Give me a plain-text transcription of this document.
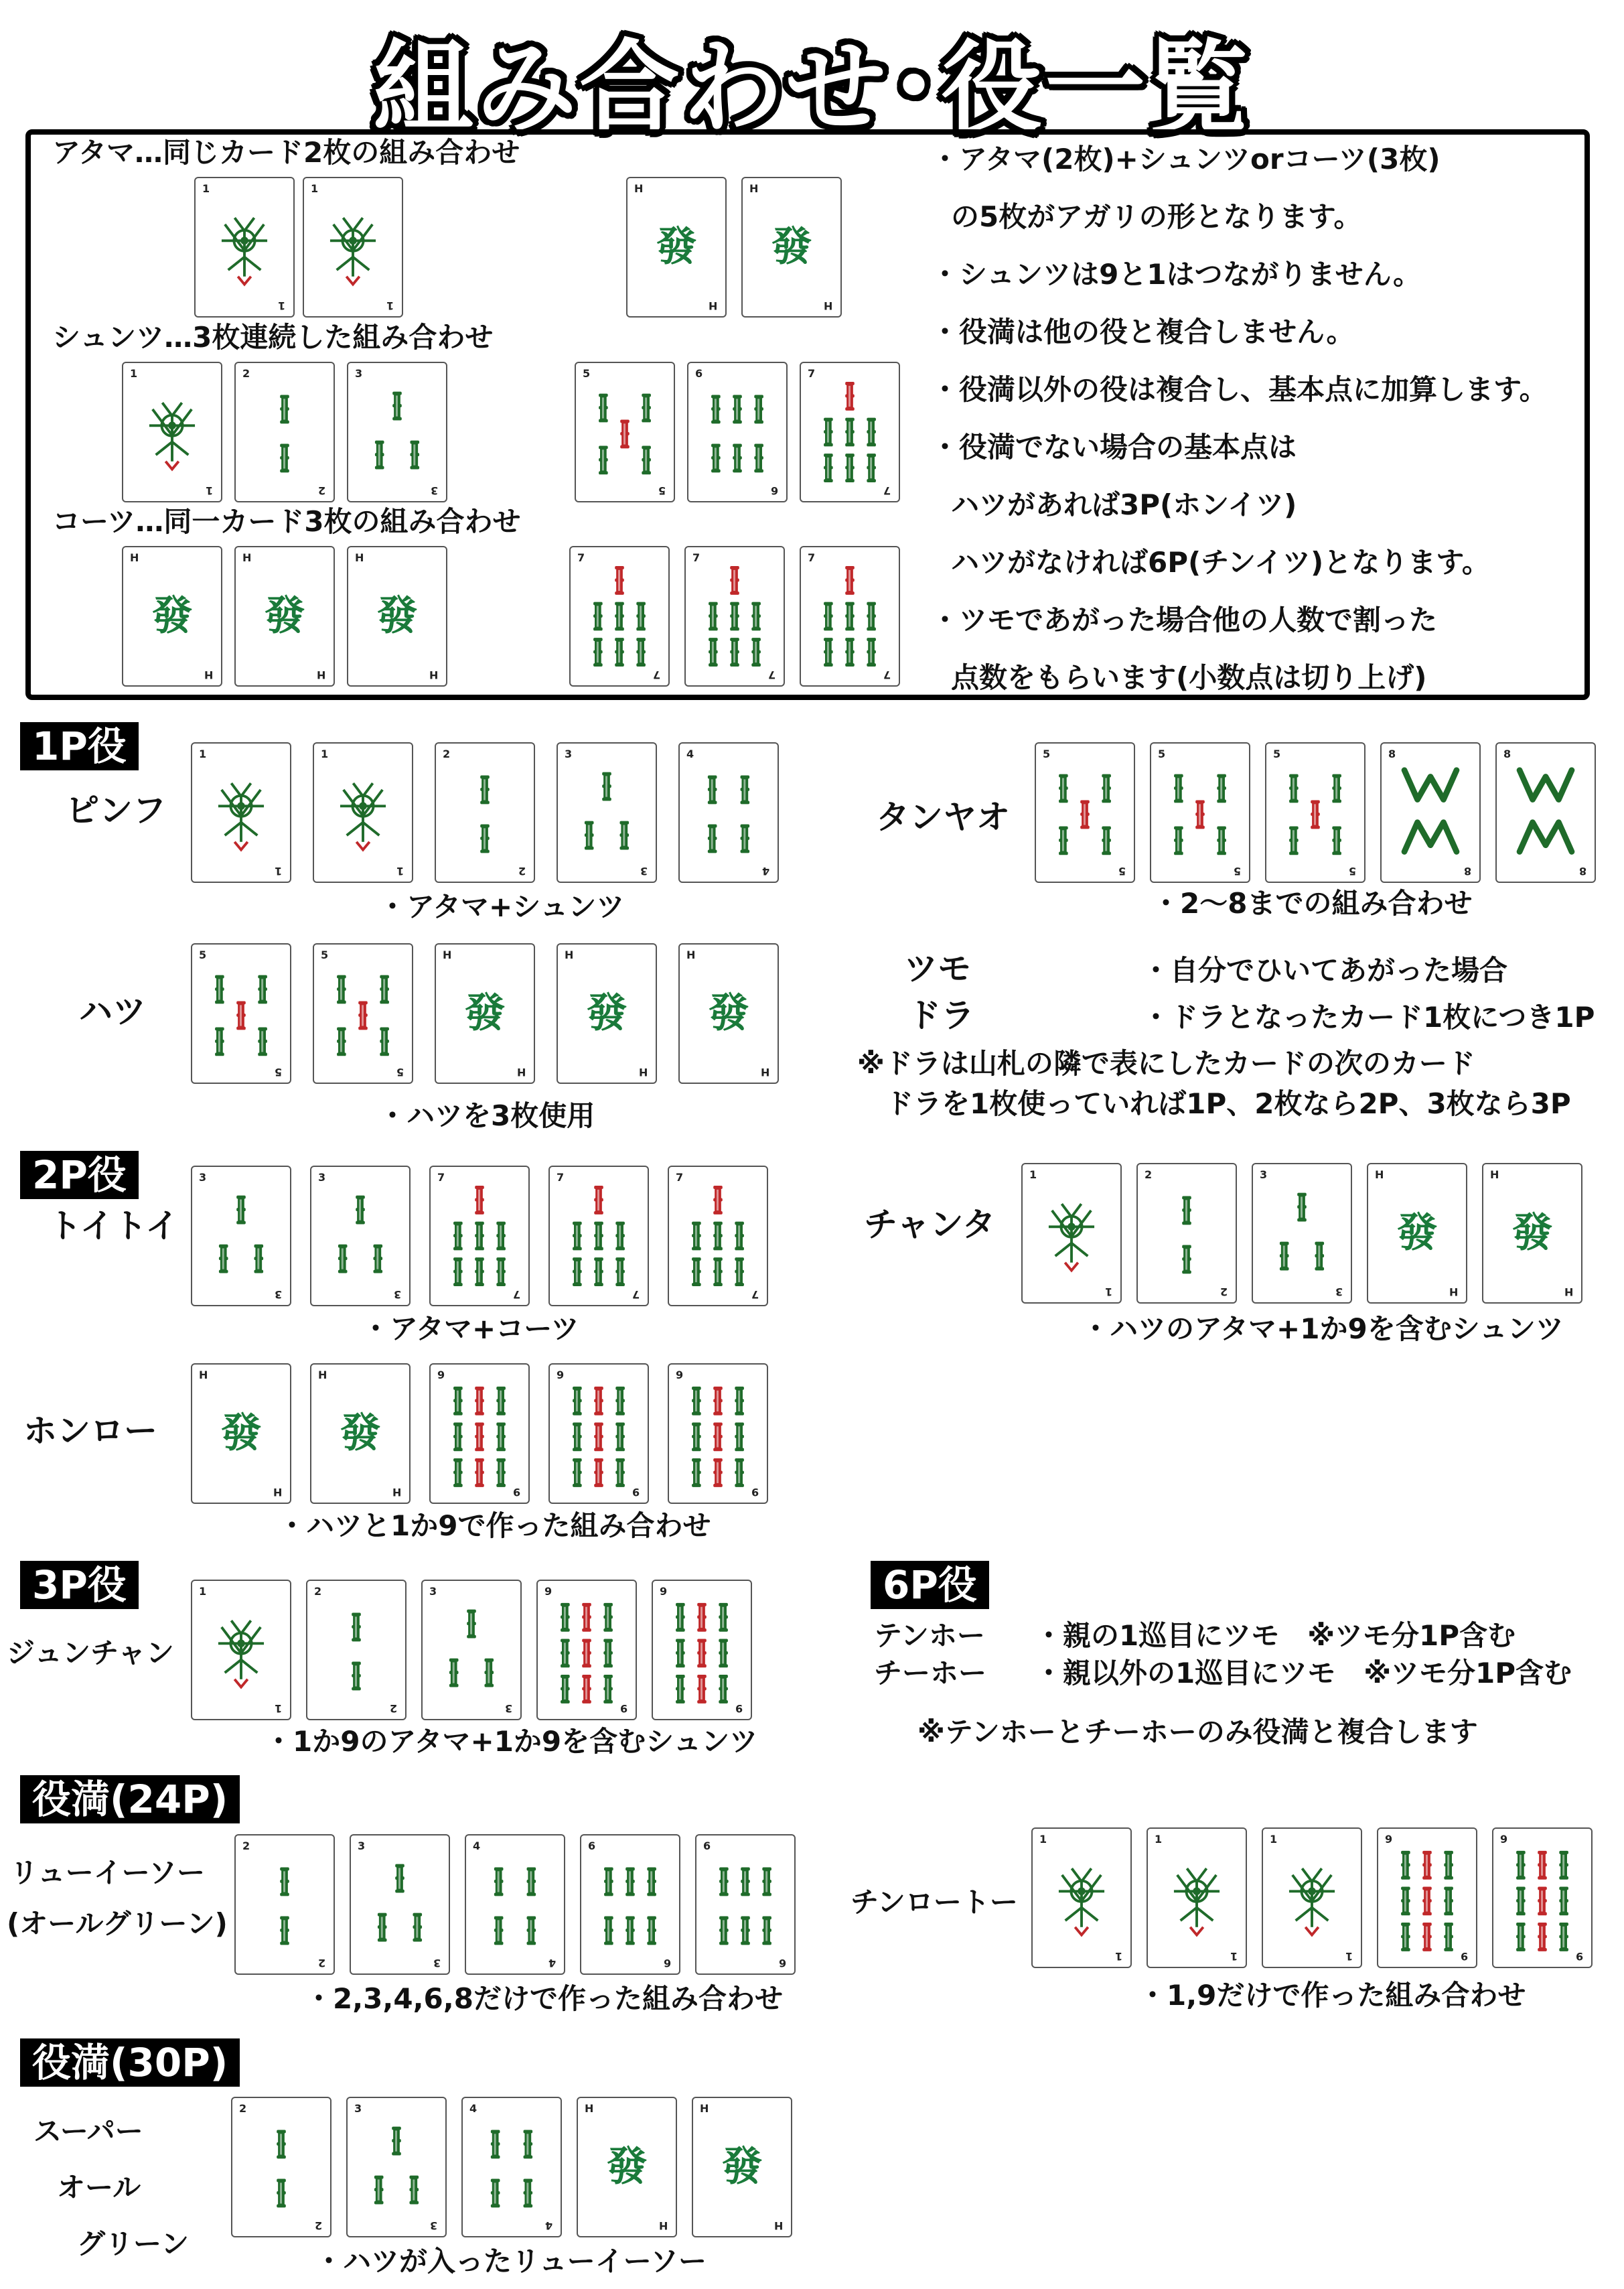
組み合わせ･役一覧
アタマ…同じカード2枚の組み合わせ
シュンツ…3枚連続した組み合わせ
コーツ…同一カード3枚の組み合わせ
・アタマ(2枚)+シュンツorコーツ(3枚)
の5枚がアガリの形となります。
・シュンツは9と1はつながりません。
・役満は他の役と複合しません。
・役満以外の役は複合し、基本点に加算します。
・役満でない場合の基本点は
ハツがあれば3P(ホンイツ)
ハツがなければ6P(チンイツ)となります。
・ツモであがった場合他の人数で割った
点数をもらいます(小数点は切り上げ)
1
1
1
1
發
H
H
發
H
H
1
1
2
2
3
3
5
5
6
6
7
7
發
H
H
發
H
H
發
H
H
7
7
7
7
7
7
1P役
ピンフ
1
1
1
1
2
2
3
3
4
4
・アタマ+シュンツ
タンヤオ
5
5
5
5
5
5
8
8
8
8
・2～8までの組み合わせ
ハツ
5
5
5
5
發
H
H
發
H
H
發
H
H
・ハツを3枚使用
ツモ	・自分でひいてあがった場合
ドラ	・ドラとなったカード1枚につき1P
※ドラは山札の隣で表にしたカードの次のカード
ドラを1枚使っていれば1P、2枚なら2P、3枚なら3P
2P役
トイトイ
3
3
3
3
7
7
7
7
7
7
・アタマ+コーツ
チャンタ
1
1
2
2
3
3
發
H
H
發
H
H
・ハツのアタマ+1か9を含むシュンツ
ホンロー 發
H
H
發
H
H
9
9
9
9
9
9
・ハツと1か9で作った組み合わせ
3P役
ジュンチャン
1
1
2
2
3
3
9
9
9
9
・1か9のアタマ+1か9を含むシュンツ
6P役
テンホー ・親の1巡目にツモ　※ツモ分1P含む
チーホー ・親以外の1巡目にツモ　※ツモ分1P含む
※テンホーとチーホーのみ役満と複合します
役満(24P)
リューイーソー
(オールグリーン)
2
2
3
3
4
4
6
6
6
6
・2,3,4,6,8だけで作った組み合わせ
チンロートー
1
1
1
1
1
1
9
9
9
9
・1,9だけで作った組み合わせ
役満(30P)
スーパー
オール
グリーン
2
2
3
3
4
4
發
H
H
發
H
H
・ハツが入ったリューイーソー
